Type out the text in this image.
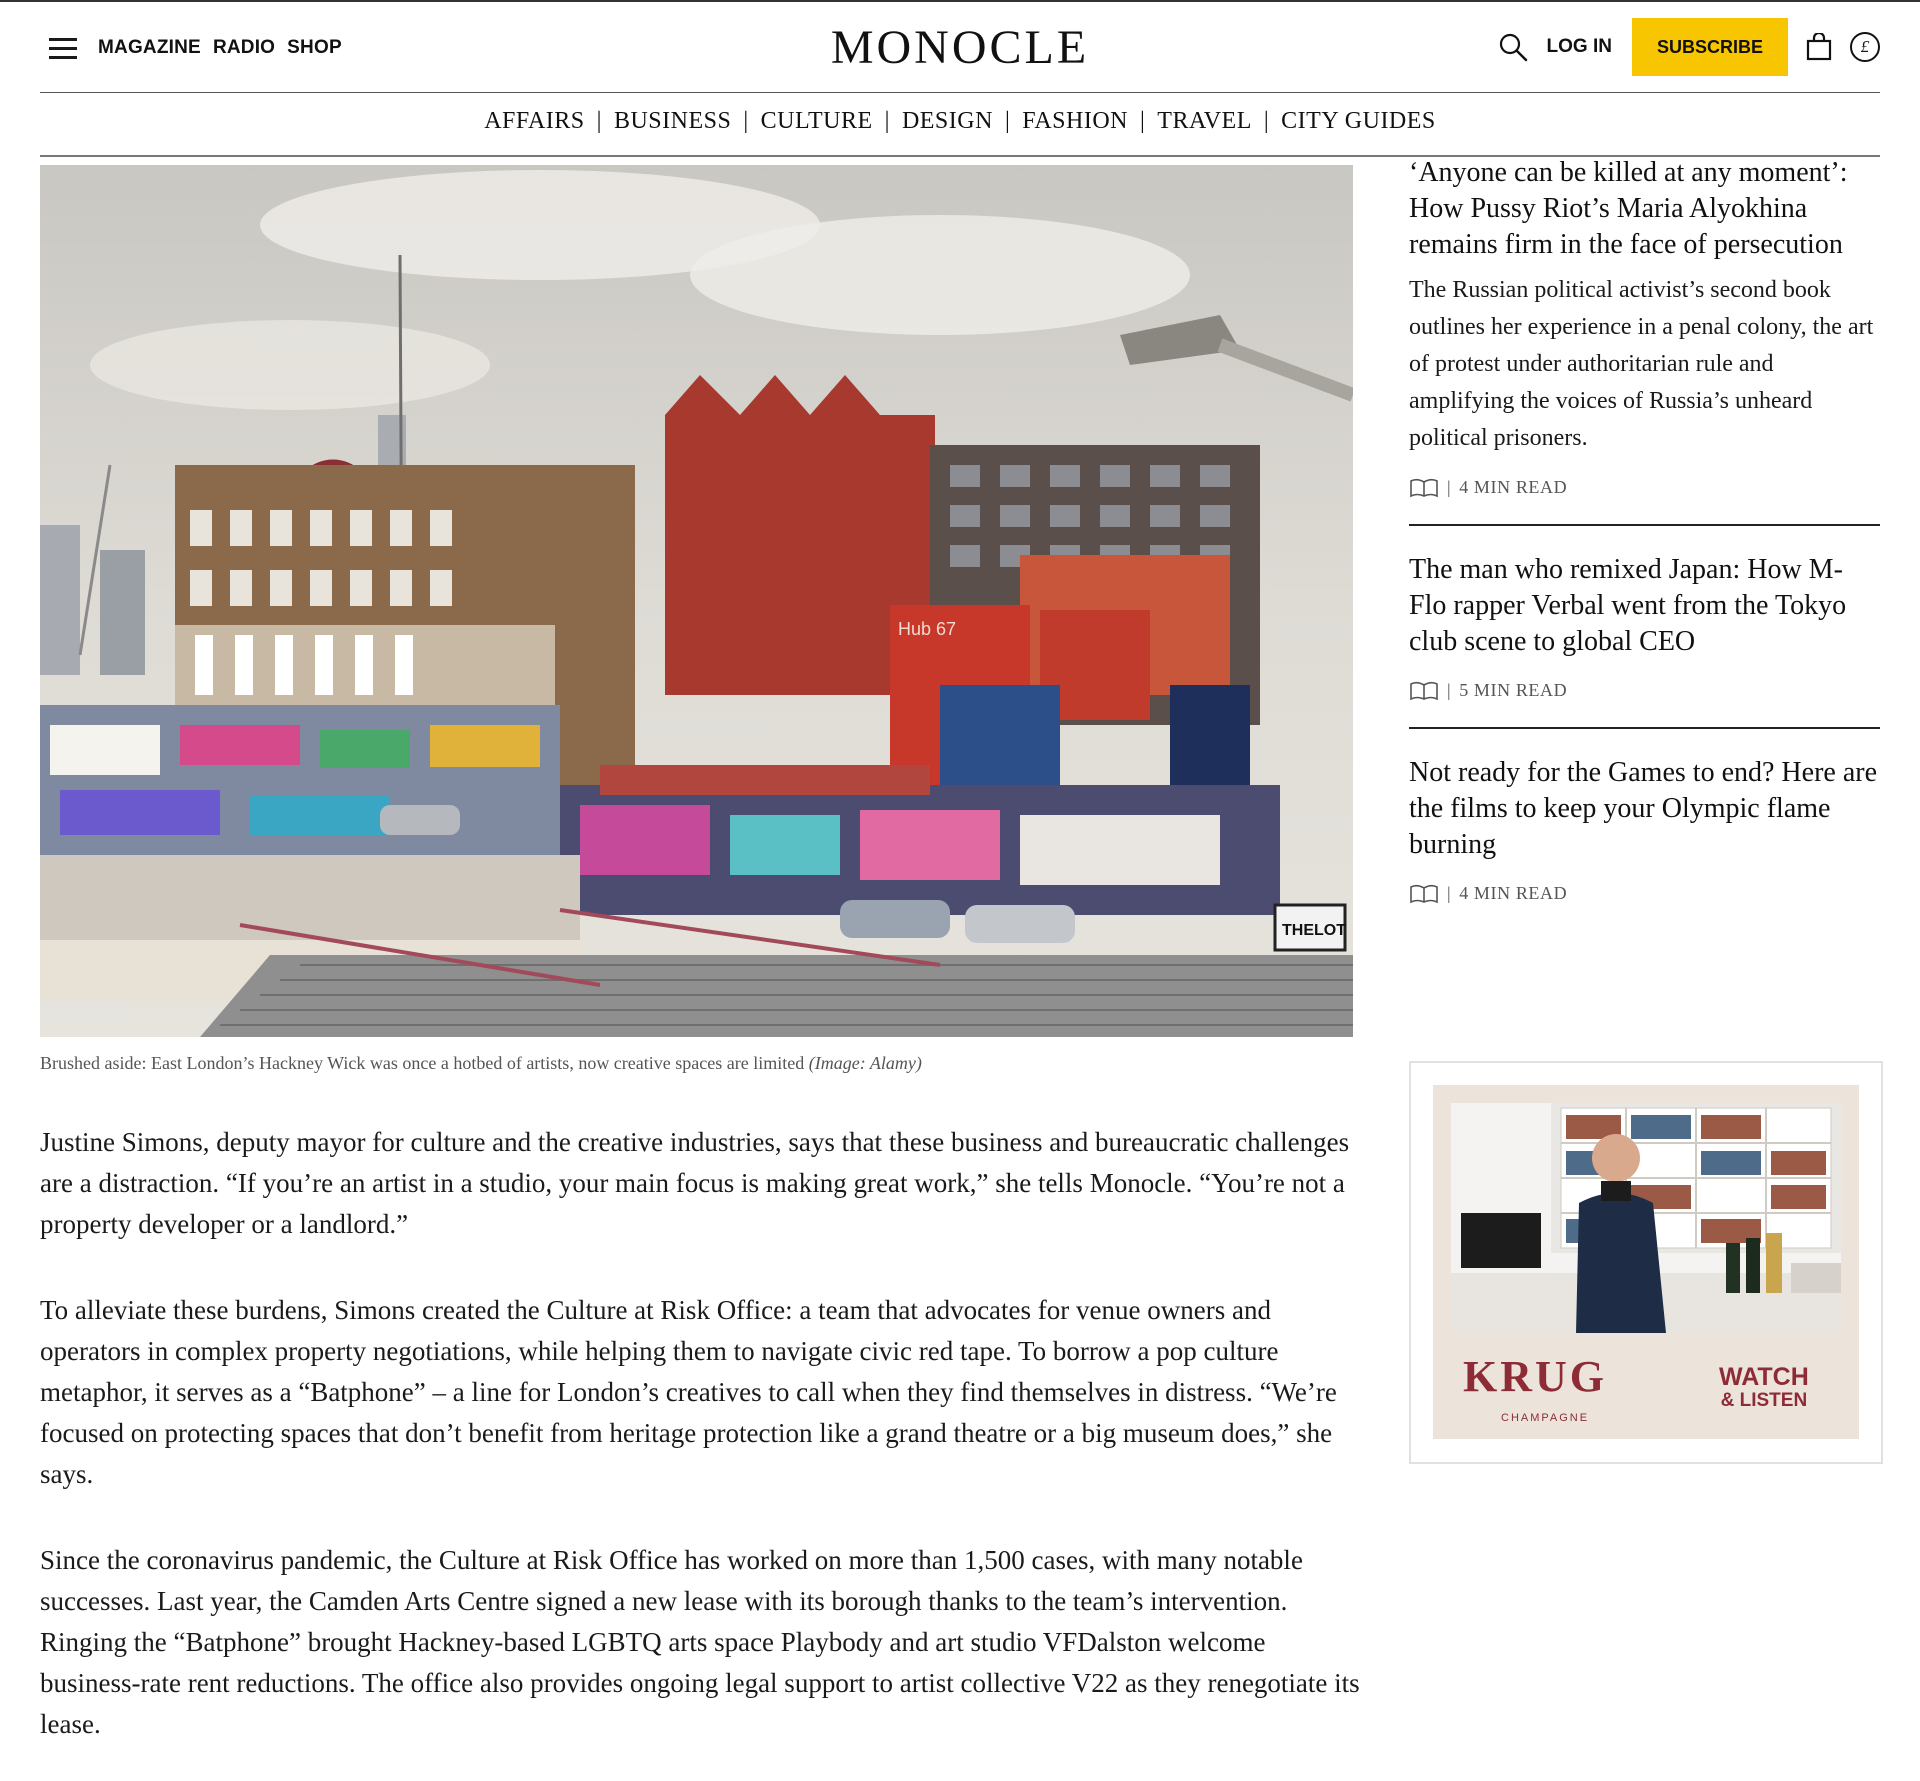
MAGAZINE RADIO SHOP	MONOCLE	LOG IN	SUBSCRIBE	£
AFFAIRS | BUSINESS | CULTURE | DESIGN | FASHION | TRAVEL | CITY GUIDES
Hub 67
THELOT
Brushed aside: East London’s Hackney Wick was once a hotbed of artists, now creative spaces are limited (Image: Alamy)

Justine Simons, deputy mayor for culture and the creative industries, says that these business and bureaucratic challenges are a distraction. “If you’re an artist in a studio, your main focus is making great work,” she tells Monocle. “You’re not a property developer or a landlord.”

To alleviate these burdens, Simons created the Culture at Risk Office: a team that advocates for venue owners and operators in complex property negotiations, while helping them to navigate civic red tape. To borrow a pop culture metaphor, it serves as a “Batphone” – a line for London’s creatives to call when they find themselves in distress. “We’re focused on protecting spaces that don’t benefit from heritage protection like a grand theatre or a big museum does,” she says.

Since the coronavirus pandemic, the Culture at Risk Office has worked on more than 1,500 cases, with many notable successes. Last year, the Camden Arts Centre signed a new lease with its borough thanks to the team’s intervention. Ringing the “Batphone” brought Hackney-based LGBTQ arts space Playbody and art studio VFDalston welcome business-rate rent reductions. The office also provides ongoing legal support to artist collective V22 as they renegotiate its lease.

‘Anyone can be killed at any moment’: How Pussy Riot’s Maria Alyokhina remains firm in the face of persecution
The Russian political activist’s second book outlines her experience in a penal colony, the art of protest under authoritarian rule and amplifying the voices of Russia’s unheard political prisoners.
| 4 MIN READ
The man who remixed Japan: How M-Flo rapper Verbal went from the Tokyo club scene to global CEO
| 5 MIN READ
Not ready for the Games to end? Here are the films to keep your Olympic flame burning
| 4 MIN READ
KRUG
CHAMPAGNE
WATCH
& LISTEN
